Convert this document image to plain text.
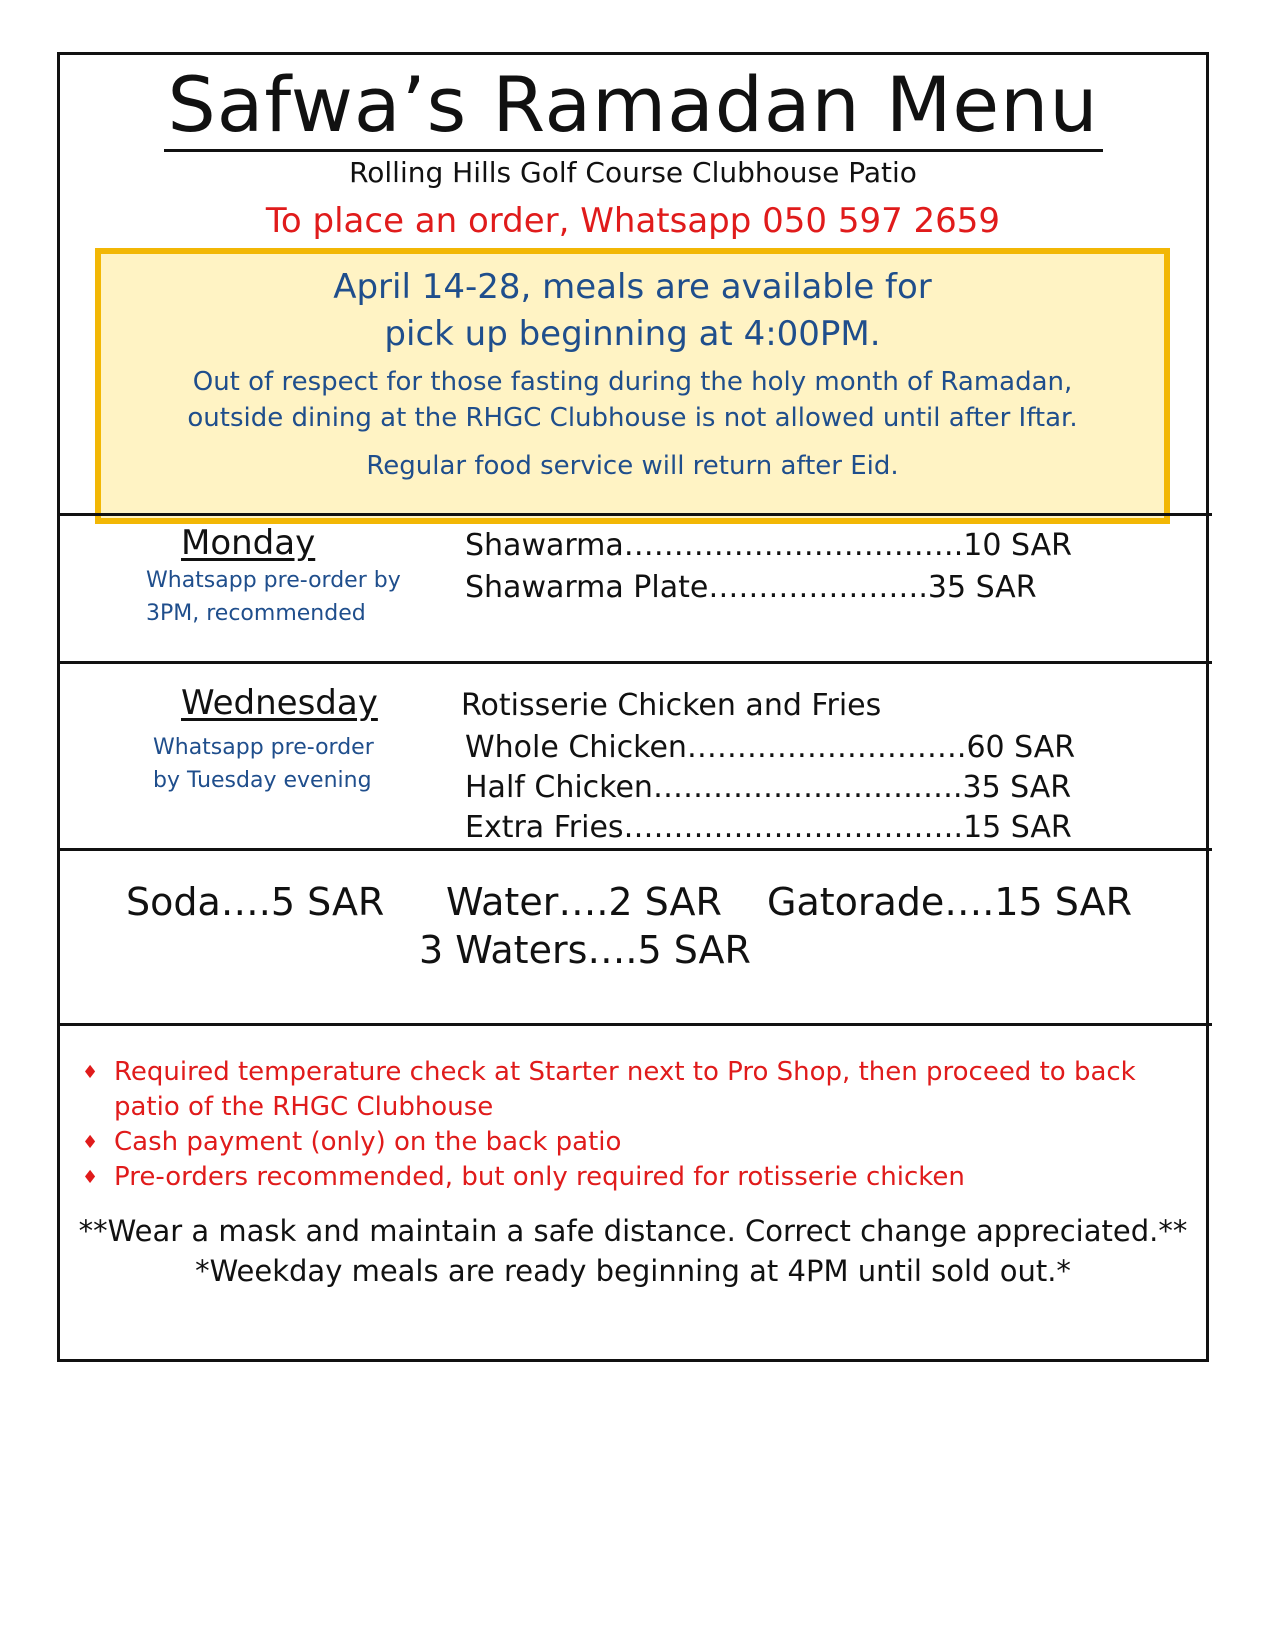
Safwa’s Ramadan Menu
Rolling Hills Golf Course Clubhouse Patio
To place an order, Whatsapp 050 597 2659
April 14-28, meals are available for
pick up beginning at 4:00PM.
Out of respect for those fasting during the holy month of Ramadan,
outside dining at the RHGC Clubhouse is not allowed until after Iftar.
Regular food service will return after Eid.
Monday
Whatsapp pre-order by
3PM, recommended
Shawarma…………………………….10 SAR
Shawarma Plate………………….35 SAR
Wednesday
Whatsapp pre-order
by Tuesday evening
Rotisserie Chicken and Fries
Whole Chicken……………………….60 SAR
Half Chicken………………………….35 SAR
Extra Fries…………………………….15 SAR
Soda….5 SAR Water….2 SAR Gatorade….15 SAR
3 Waters….5 SAR
♦ Required temperature check at Starter next to Pro Shop, then proceed to back patio of the RHGC Clubhouse
♦ Cash payment (only) on the back patio
♦ Pre-orders recommended, but only required for rotisserie chicken
**Wear a mask and maintain a safe distance. Correct change appreciated.**
*Weekday meals are ready beginning at 4PM until sold out.*
